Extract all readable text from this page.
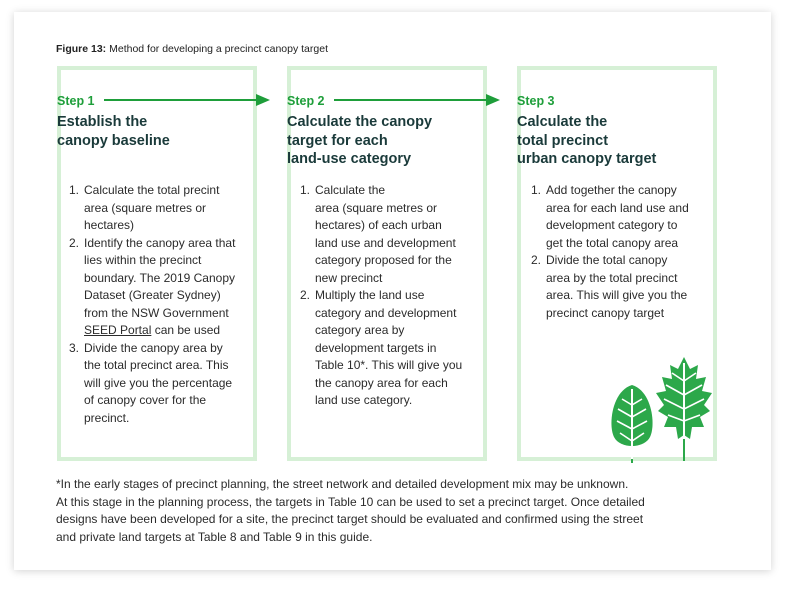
Figure 13: Method for developing a precinct canopy target
Step 1	Step 2	Step 3
Establish the
canopy baseline
Calculate the canopy
target for each
land-use category
Calculate the
total precinct
urban canopy target
1. Calculate the total precint
area (square metres or
hectares)
2. Identify the canopy area that
lies within the precinct
boundary. The 2019 Canopy
Dataset (Greater Sydney)
from the NSW Government
SEED Portal can be used
3. Divide the canopy area by
the total precinct area. This
will give you the percentage
of canopy cover for the
precinct.
1. Calculate the
area (square metres or
hectares) of each urban
land use and development
category proposed for the
new precinct
2. Multiply the land use
category and development
category area by
development targets in
Table 10*. This will give you
the canopy area for each
land use category.
1. Add together the canopy
area for each land use and
development category to
get the total canopy area
2. Divide the total canopy
area by the total precinct
area. This will give you the
precinct canopy target
*In the early stages of precinct planning, the street network and detailed development mix may be unknown.
At this stage in the planning process, the targets in Table 10 can be used to set a precinct target. Once detailed
designs have been developed for a site, the precinct target should be evaluated and confirmed using the street
and private land targets at Table 8 and Table 9 in this guide.
